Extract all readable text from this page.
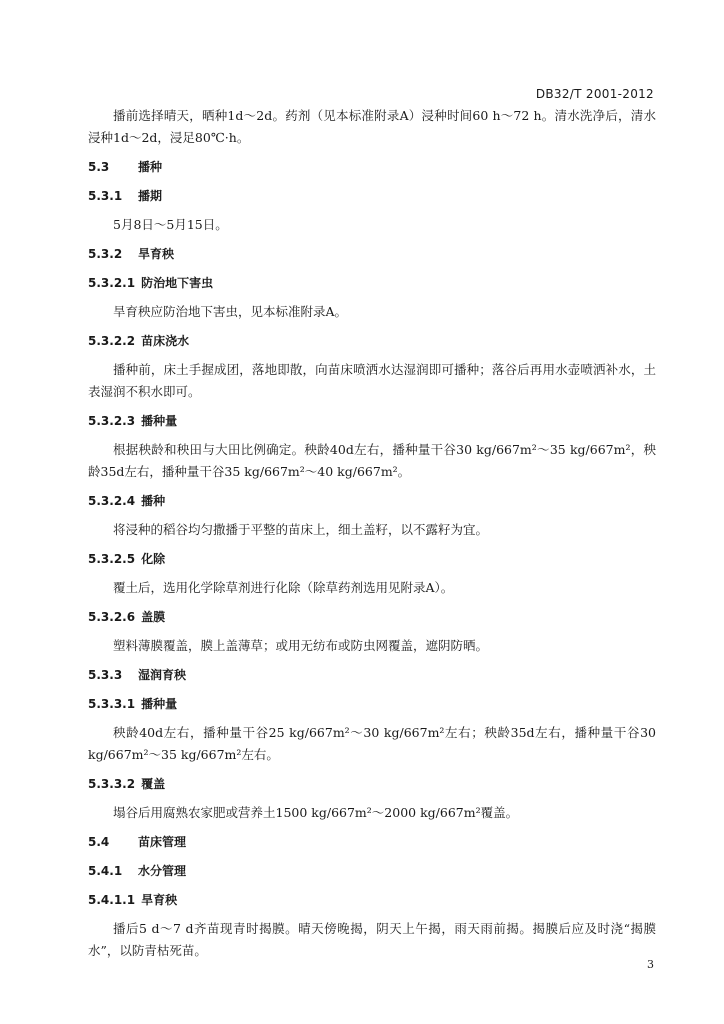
DB32/T 2001-2012

播前选择晴天，晒种1d～2d。药剂（见本标准附录A）浸种时间60 h～72 h。清水洗净后，清水浸种1d～2d，浸足80℃·h。

5.3 播种
5.3.1 播期

5月8日～5月15日。

5.3.2 旱育秧
5.3.2.1 防治地下害虫

旱育秧应防治地下害虫，见本标准附录A。

5.3.2.2 苗床浇水

播种前，床土手握成团，落地即散，向苗床喷洒水达湿润即可播种；落谷后再用水壶喷洒补水，土表湿润不积水即可。

5.3.2.3 播种量

根据秧龄和秧田与大田比例确定。秧龄40d左右，播种量干谷30 kg/667m²～35 kg/667m²，秧龄35d左右，播种量干谷35 kg/667m²～40 kg/667m²。

5.3.2.4 播种

将浸种的稻谷均匀撒播于平整的苗床上，细土盖籽，以不露籽为宜。

5.3.2.5 化除

覆土后，选用化学除草剂进行化除（除草药剂选用见附录A）。

5.3.2.6 盖膜

塑料薄膜覆盖，膜上盖薄草；或用无纺布或防虫网覆盖，遮阴防晒。

5.3.3 湿润育秧
5.3.3.1 播种量

秧龄40d左右，播种量干谷25 kg/667m²～30 kg/667m²左右；秧龄35d左右，播种量干谷30 kg/667m²～35 kg/667m²左右。

5.3.3.2 覆盖

塌谷后用腐熟农家肥或营养土1500 kg/667m²～2000 kg/667m²覆盖。

5.4 苗床管理
5.4.1 水分管理
5.4.1.1 旱育秧

播后5 d～7 d齐苗现青时揭膜。晴天傍晚揭，阴天上午揭，雨天雨前揭。揭膜后应及时浇“揭膜水”，以防青枯死苗。

3
